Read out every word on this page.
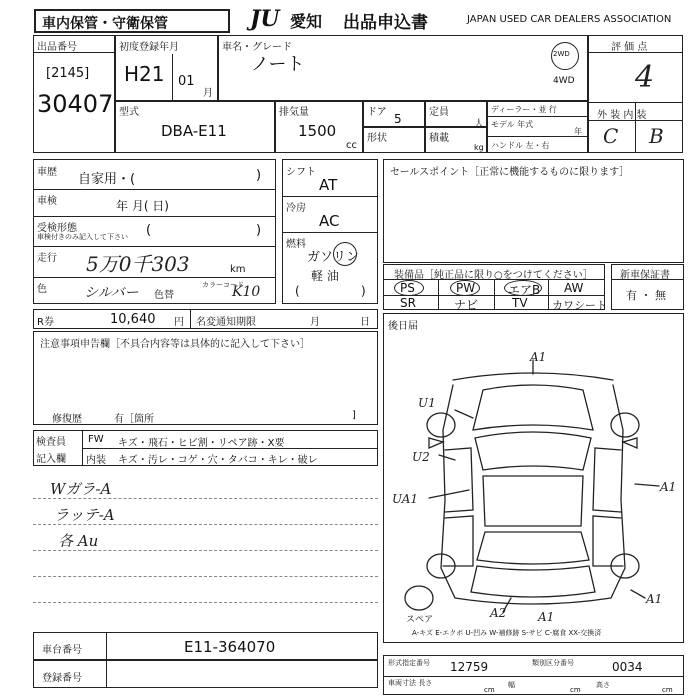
車内保管・守衛保管	JU 愛知 出品申込書	JAPAN USED CAR DEALERS ASSOCIATION
出品番号
[2145]
30407
初度登録年月
H21 01
月
車名・グレード
ノート	2WD
4WD
評 価 点
4
外 装 内 装
C B
型式
DBA-E11
排気量
1500
cc
ドア 5	定員
人
形状	積載
kg
ディーラー・並 行
モデル 年式
年
ハンドル 左・右
車歴 自家用・(	)
車検	年 月( 日)
受検形態
車検付きのみ記入して下さい (	)
走行 5万0千303	km
色	シルバー 色替
カラーコード
K10
シフト
AT
冷房
AC
燃料
ガソリン
軽 油
(	)
セールスポイント［正常に機能するものに限ります］
装備品［純正品に限り○をつけてください］
PS	PW	エアB AW
SR	ナビ	TV カワシート
新車保証書
有 ・ 無
R券	10,640 円 名変通知期限	月	日
注意事項申告欄［不具合内容等は具体的に記入して下さい］
修復歴	有［箇所	]
後日届
A1
U1
U2
UA1
A1
A1
A2	A1
スペア
A-キズ E-エクボ U-凹み W-補修跡 S-サビ C-腐食 XX-交換済
検査員
記入欄
FW キズ・飛石・ヒビ割・リペア跡・X要
内装 キズ・汚レ・コゲ・穴・タバコ・キレ・破レ
Wガラ-A
ラッテ-A
各 Au
車台番号	E11-364070
登録番号
形式指定番号 12759	類別区分番号	0034
車両寸法 長さ
cm
幅
cm
高さ
cm
